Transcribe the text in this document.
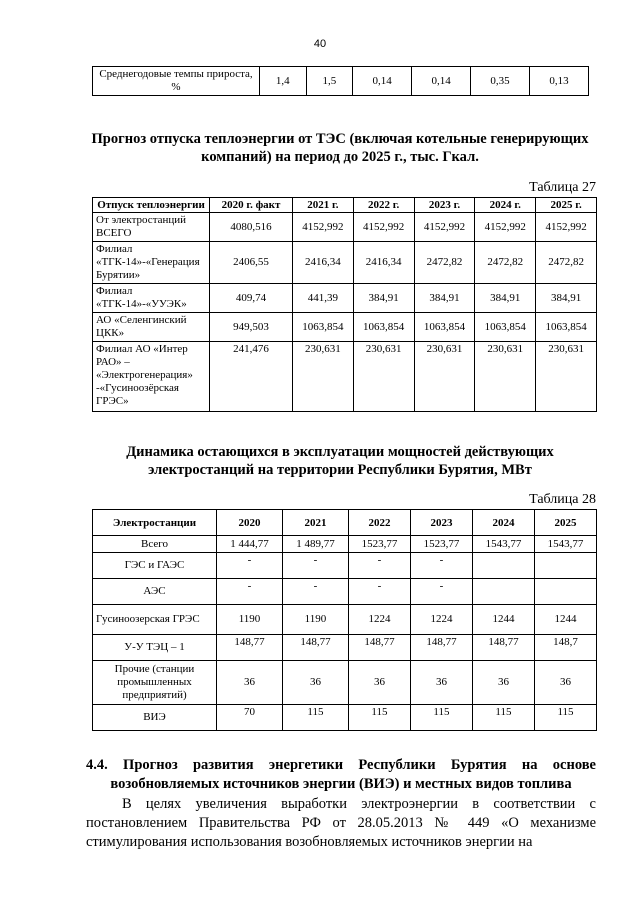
40
Среднегодовые темпы прироста, %	1,4	1,5	0,14	0,14	0,35	0,13
Прогноз отпуска теплоэнергии от ТЭС (включая котельные генерирующих компаний) на период до 2025 г., тыс. Гкал.
Таблица 27
Отпуск теплоэнергии	2020 г. факт	2021 г.	2022 г.	2023 г.	2024 г.	2025 г.
От электростанций ВСЕГО	4080,516	4152,992	4152,992	4152,992	4152,992	4152,992
Филиал «ТГК-14»-«Генерация Бурятии»	2406,55	2416,34	2416,34	2472,82	2472,82	2472,82
Филиал «ТГК-14»-«УУЭК»	409,74	441,39	384,91	384,91	384,91	384,91
АО «Селенгинский ЦКК»	949,503	1063,854	1063,854	1063,854	1063,854	1063,854
Филиал АО «Интер РАО» – «Электрогенерация» -«Гусиноозёрская ГРЭС»	241,476	230,631	230,631	230,631	230,631	230,631
Динамика остающихся в эксплуатации мощностей действующих электростанций на территории Республики Бурятия, МВт
Таблица 28
Электростанции	2020	2021	2022	2023	2024	2025
Всего	1 444,77	1 489,77	1523,77	1523,77	1543,77	1543,77
ГЭС и ГАЭС	-	-	-	-		
АЭС	-	-	-	-		
Гусиноозерская ГРЭС	1190	1190	1224	1224	1244	1244
У-У ТЭЦ – 1	148,77	148,77	148,77	148,77	148,77	148,7
Прочие (станции промышленных предприятий)	36	36	36	36	36	36
ВИЭ	70	115	115	115	115	115
4.4. Прогноз развития энергетики Республики Бурятия на основе возобновляемых источников энергии (ВИЭ) и местных видов топлива
В целях увеличения выработки электроэнергии в соответствии с постановлением Правительства РФ от 28.05.2013 № 449 «О механизме стимулирования использования возобновляемых источников энергии на
